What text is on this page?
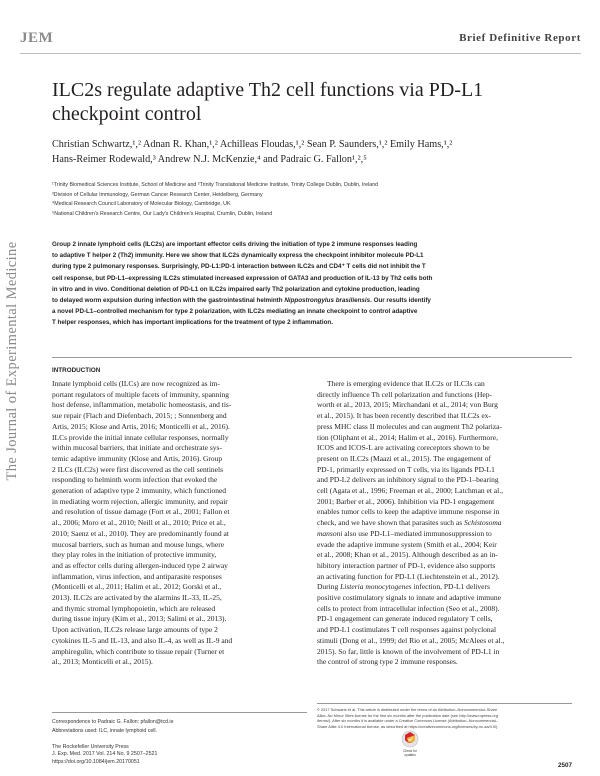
JEM	Brief Definitive Report
The Journal of Experimental Medicine
ILC2s regulate adaptive Th2 cell functions via PD-L1
checkpoint control

Christian Schwartz,¹,² Adnan R. Khan,¹,² Achilleas Floudas,¹,² Sean P. Saunders,¹,² Emily Hams,¹,²

Hans-Reimer Rodewald,³ Andrew N.J. McKenzie,⁴ and Padraic G. Fallon¹,²,⁵

¹Trinity Biomedical Sciences Institute, School of Medicine and ²Trinity Translational Medicine Institute, Trinity College Dublin, Dublin, Ireland

³Division of Cellular Immunology, German Cancer Research Center, Heidelberg, Germany

⁴Medical Research Council Laboratory of Molecular Biology, Cambridge, UK

⁵National Children's Research Centre, Our Lady's Children's Hospital, Crumlin, Dublin, Ireland

Group 2 innate lymphoid cells (ILC2s) are important effector cells driving the initiation of type 2 immune responses leading

to adaptive T helper 2 (Th2) immunity. Here we show that ILC2s dynamically express the checkpoint inhibitor molecule PD-L1

during type 2 pulmonary responses. Surprisingly, PD-L1:PD-1 interaction between ILC2s and CD4⁺ T cells did not inhibit the T

cell response, but PD-L1–expressing ILC2s stimulated increased expression of GATA3 and production of IL-13 by Th2 cells both

in vitro and in vivo. Conditional deletion of PD-L1 on ILC2s impaired early Th2 polarization and cytokine production, leading

to delayed worm expulsion during infection with the gastrointestinal helminth Nippostrongylus brasiliensis. Our results identify

a novel PD-L1–controlled mechanism for type 2 polarization, with ILC2s mediating an innate checkpoint to control adaptive

T helper responses, which has important implications for the treatment of type 2 inflammation.

INTRODUCTION

Innate lymphoid cells (ILCs) are now recognized as im-

portant regulators of multiple facets of immunity, spanning

host defense, inflammation, metabolic homeostasis, and tis-

sue repair (Flach and Diefenbach, 2015; ; Sonnenberg and

Artis, 2015; Klose and Artis, 2016; Monticelli et al., 2016).

ILCs provide the initial innate cellular responses, normally

within mucosal barriers, that initiate and orchestrate sys-

temic adaptive immunity (Klose and Artis, 2016). Group

2 ILCs (ILC2s) were first discovered as the cell sentinels

responding to helminth worm infection that evoked the

generation of adaptive type 2 immunity, which functioned

in mediating worm rejection, allergic immunity, and repair

and resolution of tissue damage (Fort et al., 2001; Fallon et

al., 2006; Moro et al., 2010; Neill et al., 2010; Price et al.,

2010; Saenz et al., 2010). They are predominantly found at

mucosal barriers, such as human and mouse lungs, where

they play roles in the initiation of protective immunity,

and as effector cells during allergen-induced type 2 airway

inflammation, virus infection, and antiparasite responses

(Monticelli et al., 2011; Halim et al., 2012; Gorski et al.,

2013). ILC2s are activated by the alarmins IL-33, IL-25,

and thymic stromal lymphopoietin, which are released

during tissue injury (Kim et al., 2013; Salimi et al., 2013).

Upon activation, ILC2s release large amounts of type 2

cytokines IL-5 and IL-13, and also IL-4, as well as IL-9 and

amphiregulin, which contribute to tissue repair (Turner et

al., 2013; Monticelli et al., 2015).

There is emerging evidence that ILC2s or ILC3s can

directly influence Th cell polarization and functions (Hep-

worth et al., 2013, 2015; Mirchandani et al., 2014; von Burg

et al., 2015). It has been recently described that ILC2s ex-

press MHC class II molecules and can augment Th2 polariza-

tion (Oliphant et al., 2014; Halim et al., 2016). Furthermore,

ICOS and ICOS-L are activating coreceptors shown to be

present on ILC2s (Maazi et al., 2015). The engagement of

PD-1, primarily expressed on T cells, via its ligands PD-L1

and PD-L2 delivers an inhibitory signal to the PD-1–bearing

cell (Agata et al., 1996; Freeman et al., 2000; Latchman et al.,

2001; Barber et al., 2006). Inhibition via PD-1 engagement

enables tumor cells to keep the adaptive immune response in

check, and we have shown that parasites such as Schistosoma

mansoni also use PD-L1–mediated immunosuppression to

evade the adaptive immune system (Smith et al., 2004; Keir

et al., 2008; Khan et al., 2015). Although described as an in-

hibitory interaction partner of PD-1, evidence also supports

an activating function for PD-L1 (Liechtenstein et al., 2012).

During Listeria monocytogenes infection, PD-L1 delivers

positive costimulatory signals to innate and adaptive immune

cells to protect from intracellular infection (Seo et al., 2008).

PD-1 engagement can generate induced regulatory T cells,

and PD-L1 costimulates T cell responses against polyclonal

stimuli (Dong et al., 1999; del Rio et al., 2005; McAlees et al.,

2015). So far, little is known of the involvement of PD-L1 in

the control of strong type 2 immune responses.

Correspondence to Padraic G. Fallon: pfallon@tcd.ie

Abbreviations used: ILC, innate lymphoid cell.

© 2017 Schwartz et al. This article is distributed under the terms of an Attribution–Noncommercial–Share

Alike–No Mirror Sites license for the first six months after the publication date (see http://www.rupress.org

/terms/). After six months it is available under a Creative Commons License (Attribution–Noncommercial–

Share Alike 4.0 International license, as described at https://creativecommons.org/licenses/by-nc-sa/4.0/).

The Rockefeller University Press

J. Exp. Med. 2017 Vol. 214 No. 9 2507–2521

https://doi.org/10.1084/jem.20170051

Check for
updates
2507
